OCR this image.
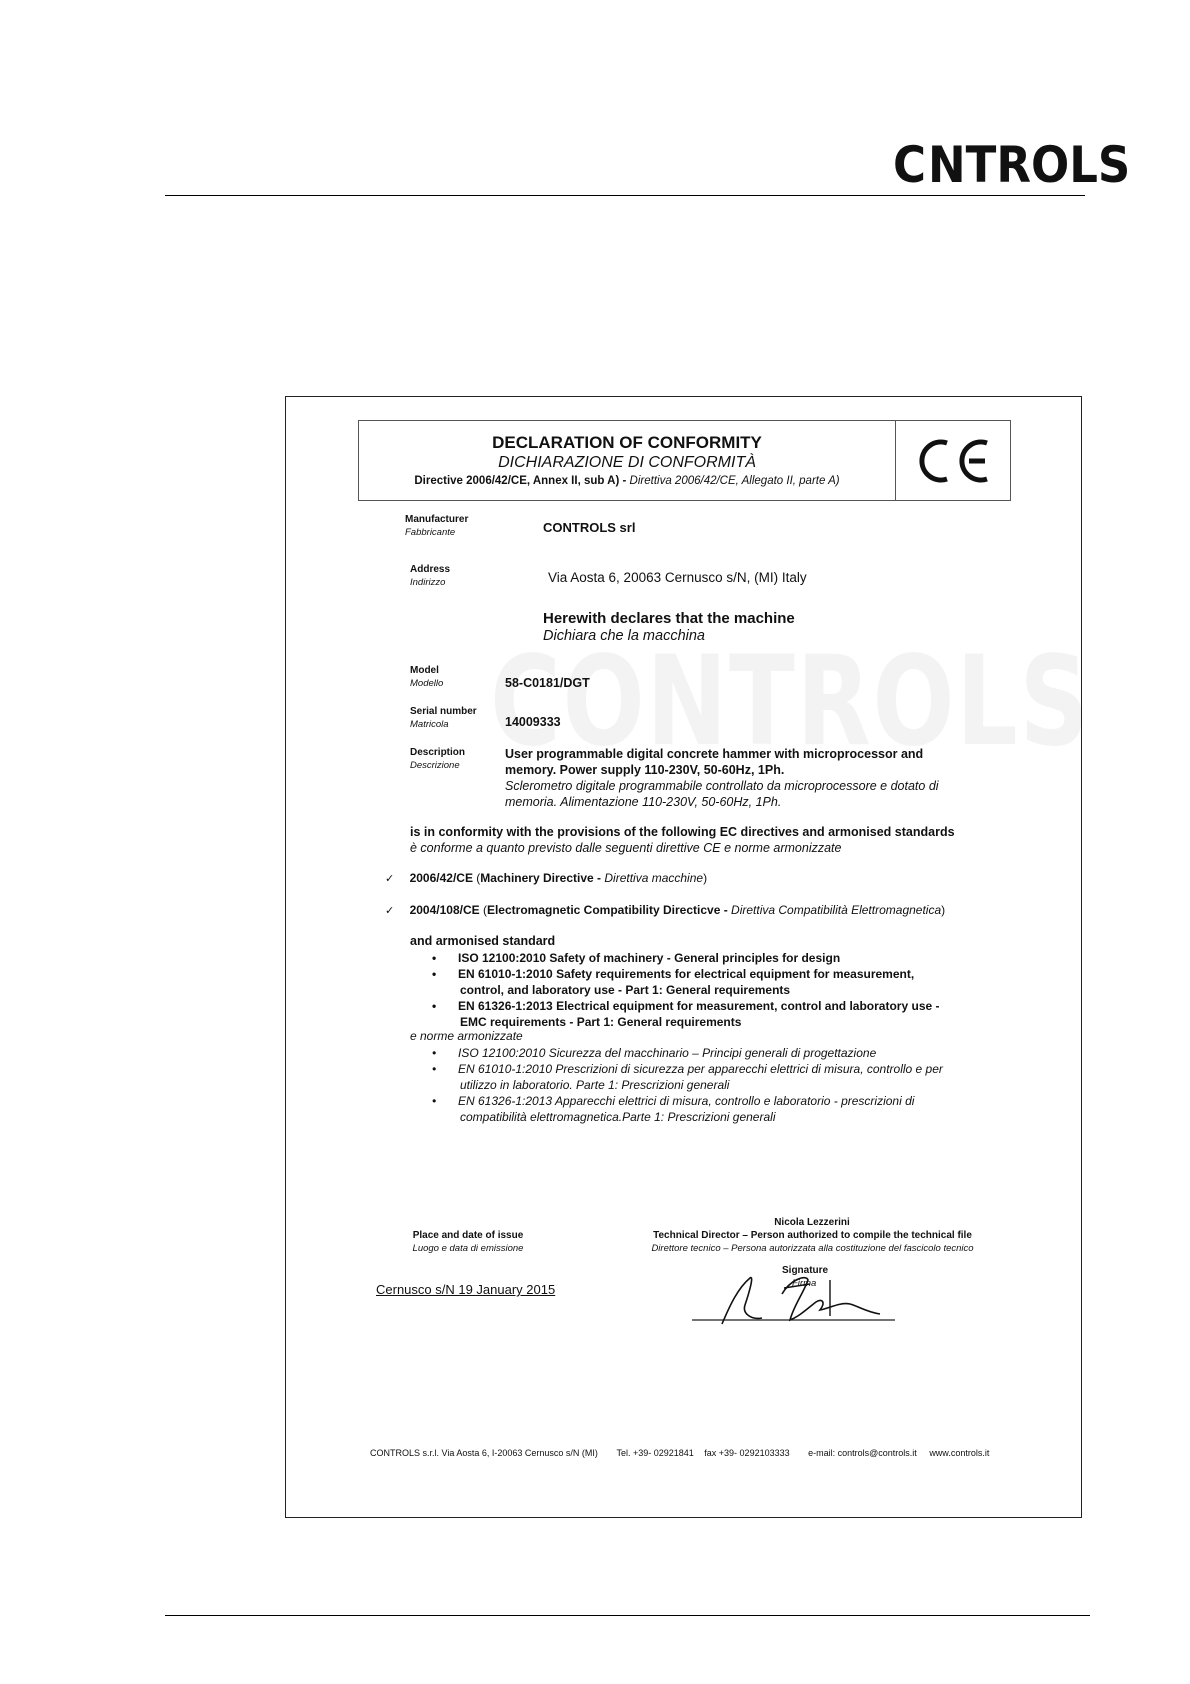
C NTROLS
DECLARATION OF CONFORMITY
DICHIARAZIONE DI CONFORMITÀ
Directive 2006/42/CE, Annex II, sub A) - Direttiva 2006/42/CE, Allegato II, parte A)
Manufacturer
Fabbricante	CONTROLS srl
Address
Indirizzo	Via Aosta 6, 20063 Cernusco s/N, (MI) Italy
Herewith declares that the machine
Dichiara che la macchina
Model
Modello	58-C0181/DGT
Serial number
Matricola	14009333
Description
Descrizione
User programmable digital concrete hammer with microprocessor and
memory. Power supply 110-230V, 50-60Hz, 1Ph.
Sclerometro digitale programmabile controllato da microprocessore e dotato di
memoria. Alimentazione 110-230V, 50-60Hz, 1Ph.
is in conformity with the provisions of the following EC directives and armonised standards
è conforme a quanto previsto dalle seguenti direttive CE e norme armonizzate
✓ 2006/42/CE (Machinery Directive - Direttiva macchine)
✓ 2004/108/CE (Electromagnetic Compatibility Directicve - Direttiva Compatibilità Elettromagnetica)
and armonised standard
• ISO 12100:2010 Safety of machinery - General principles for design
• EN 61010-1:2010 Safety requirements for electrical equipment for measurement,
control, and laboratory use - Part 1: General requirements
• EN 61326-1:2013 Electrical equipment for measurement, control and laboratory use -
EMC requirements - Part 1: General requirements
e norme armonizzate
• ISO 12100:2010 Sicurezza del macchinario – Principi generali di progettazione
• EN 61010-1:2010 Prescrizioni di sicurezza per apparecchi elettrici di misura, controllo e per
utilizzo in laboratorio. Parte 1: Prescrizioni generali
• EN 61326-1:2013 Apparecchi elettrici di misura, controllo e laboratorio - prescrizioni di
compatibilità elettromagnetica.Parte 1: Prescrizioni generali
Nicola Lezzerini
Technical Director – Person authorized to compile the technical file
Direttore tecnico – Persona autorizzata alla costituzione del fascicolo tecnico
Place and date of issue
Luogo e data di emissione
Cernusco s/N 19 January 2015
Signature
Firma
CONTROLS s.r.l. Via Aosta 6, I-20063 Cernusco s/N (MI) Tel. +39- 02921841 fax +39- 0292103333 e-mail: controls@controls.it www.controls.it
